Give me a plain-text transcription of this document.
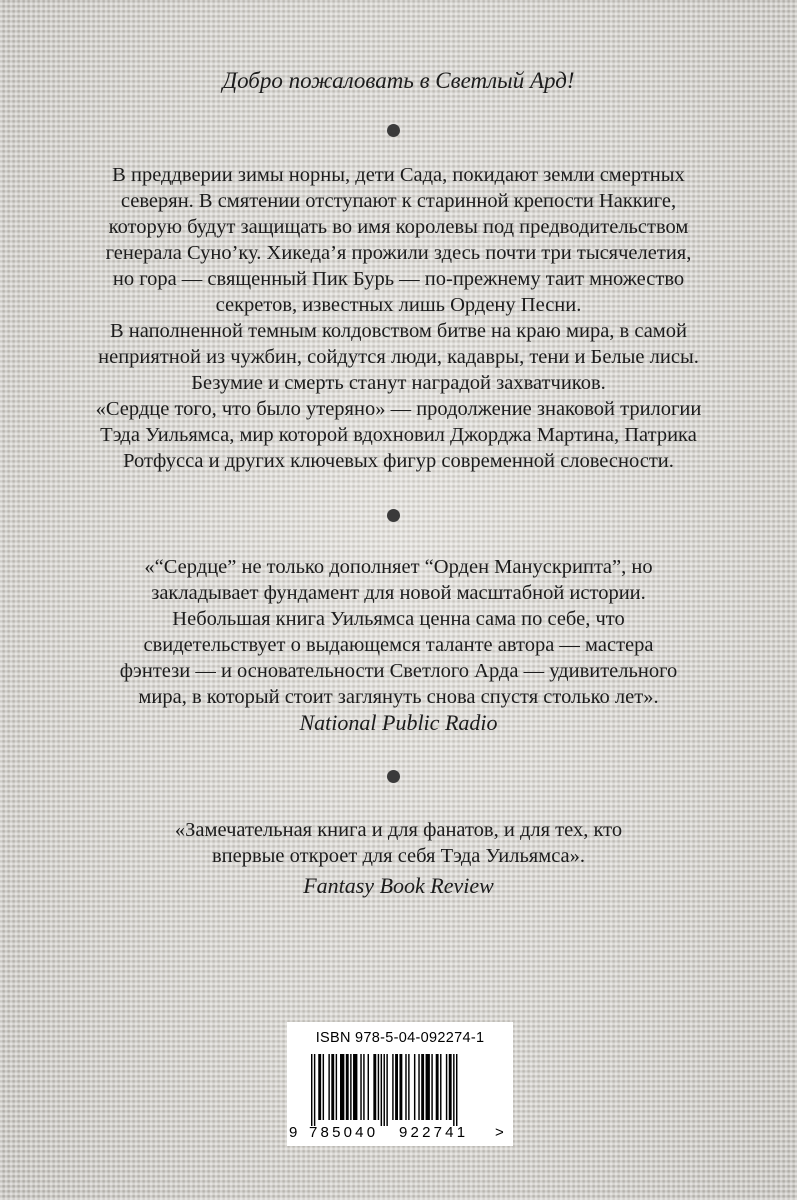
Добро пожаловать в Светлый Ард!

В преддверии зимы норны, дети Сада, покидают земли смертных

северян. В смятении отступают к старинной крепости Наккиге,

которую будут защищать во имя королевы под предводительством

генерала Суно’ку. Хикеда’я прожили здесь почти три тысячелетия,

но гора — священный Пик Бурь — по-прежнему таит множество

секретов, известных лишь Ордену Песни.

В наполненной темным колдовством битве на краю мира, в самой

неприятной из чужбин, сойдутся люди, кадавры, тени и Белые лисы.

Безумие и смерть станут наградой захватчиков.

«Сердце того, что было утеряно» — продолжение знаковой трилогии

Тэда Уильямса, мир которой вдохновил Джорджа Мартина, Патрика

Ротфусса и других ключевых фигур современной словесности.

«“Сердце” не только дополняет “Орден Манускриптa”, но

закладывает фундамент для новой масштабной истории.

Небольшая книга Уильямса ценна сама по себе, что

свидетельствует о выдающемся таланте автора — мастера

фэнтези — и основательности Светлого Арда — удивительного

мира, в который стоит заглянуть снова спустя столько лет».

National Public Radio

«Замечательная книга и для фанатов, и для тех, кто

впервые откроет для себя Тэда Уильямса».

Fantasy Book Review
ISBN 978-5-04-092274-1
9 785040 922741 >
